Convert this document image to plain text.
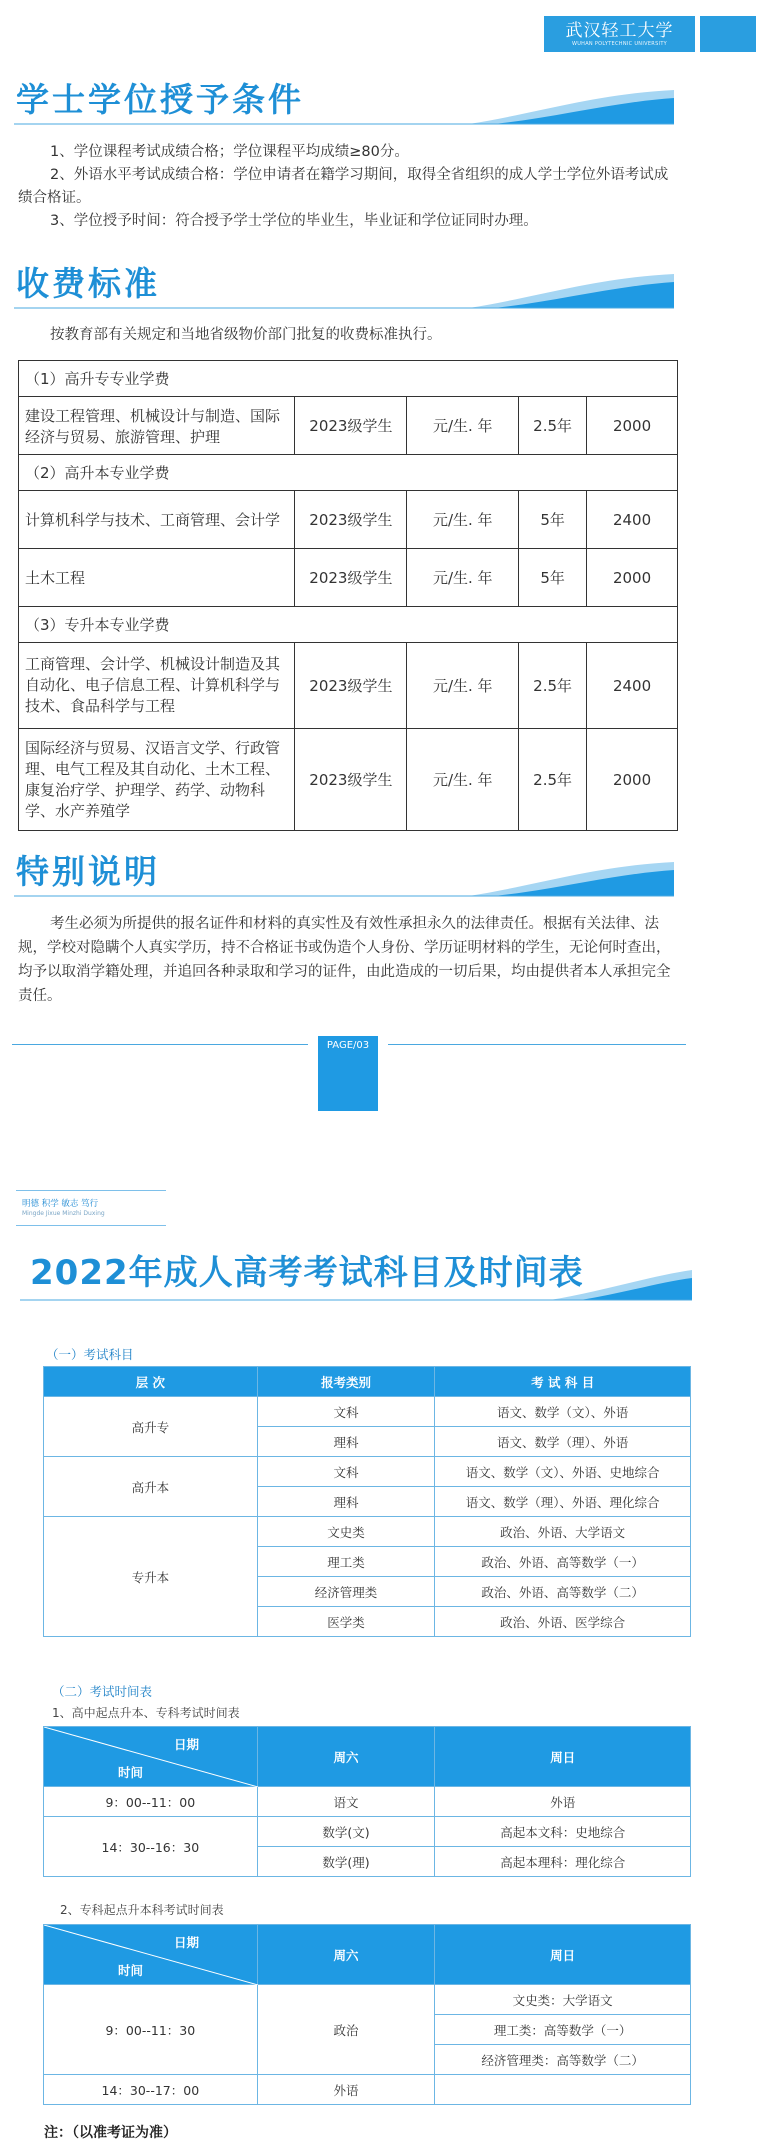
武汉轻工大学
WUHAN POLYTECHNIC UNIVERSITY
学士学位授予条件

1、学位课程考试成绩合格；学位课程平均成绩≥80分。

2、外语水平考试成绩合格：学位申请者在籍学习期间，取得全省组织的成人学士学位外语考试成绩合格证。

3、学位授予时间：符合授予学士学位的毕业生，毕业证和学位证同时办理。

收费标准
按教育部有关规定和当地省级物价部门批复的收费标准执行。
（1）高升专专业学费				
建设工程管理、机械设计与制造、国际经济与贸易、旅游管理、护理	2023级学生	元/生. 年	2.5年	2000
（2）高升本专业学费				
计算机科学与技术、工商管理、会计学	2023级学生	元/生. 年	5年	2400
土木工程	2023级学生	元/生. 年	5年	2000
（3）专升本专业学费				
工商管理、会计学、机械设计制造及其自动化、电子信息工程、计算机科学与技术、食品科学与工程	2023级学生	元/生. 年	2.5年	2400
国际经济与贸易、汉语言文学、行政管理、电气工程及其自动化、土木工程、康复治疗学、护理学、药学、动物科学、水产养殖学	2023级学生	元/生. 年	2.5年	2000
特别说明
考生必须为所提供的报名证件和材料的真实性及有效性承担永久的法律责任。根据有关法律、法规，学校对隐瞒个人真实学历，持不合格证书或伪造个人身份、学历证明材料的学生，无论何时查出，均予以取消学籍处理，并追回各种录取和学习的证件，由此造成的一切后果，均由提供者本人承担完全责任。
PAGE/03
明德 积学 敏志 笃行
Mingde Jixue Minzhi Duxing
2022年成人高考考试科目及时间表
（一）考试科目
层 次	报考类别	考 试 科 目
高升专	文科	语文、数学（文）、外语
	理科	语文、数学（理）、外语
高升本	文科	语文、数学（文）、外语、史地综合
	理科	语文、数学（理）、外语、理化综合
专升本	文史类	政治、外语、大学语文
	理工类	政治、外语、高等数学（一）
	经济管理类	政治、外语、高等数学（二）
	医学类	政治、外语、医学综合
（二）考试时间表
1、高中起点升本、专科考试时间表
日期
时间	周六	周日
9：00--11：00	语文	外语
14：30--16：30	数学(文)	高起本文科：史地综合
	数学(理)	高起本理科：理化综合
2、专科起点升本科考试时间表
日期
时间	周六	周日
9：00--11：30	政治	文史类：大学语文
		理工类：高等数学（一）
		经济管理类：高等数学（二）
14：30--17：00	外语	
注：（以准考证为准）
